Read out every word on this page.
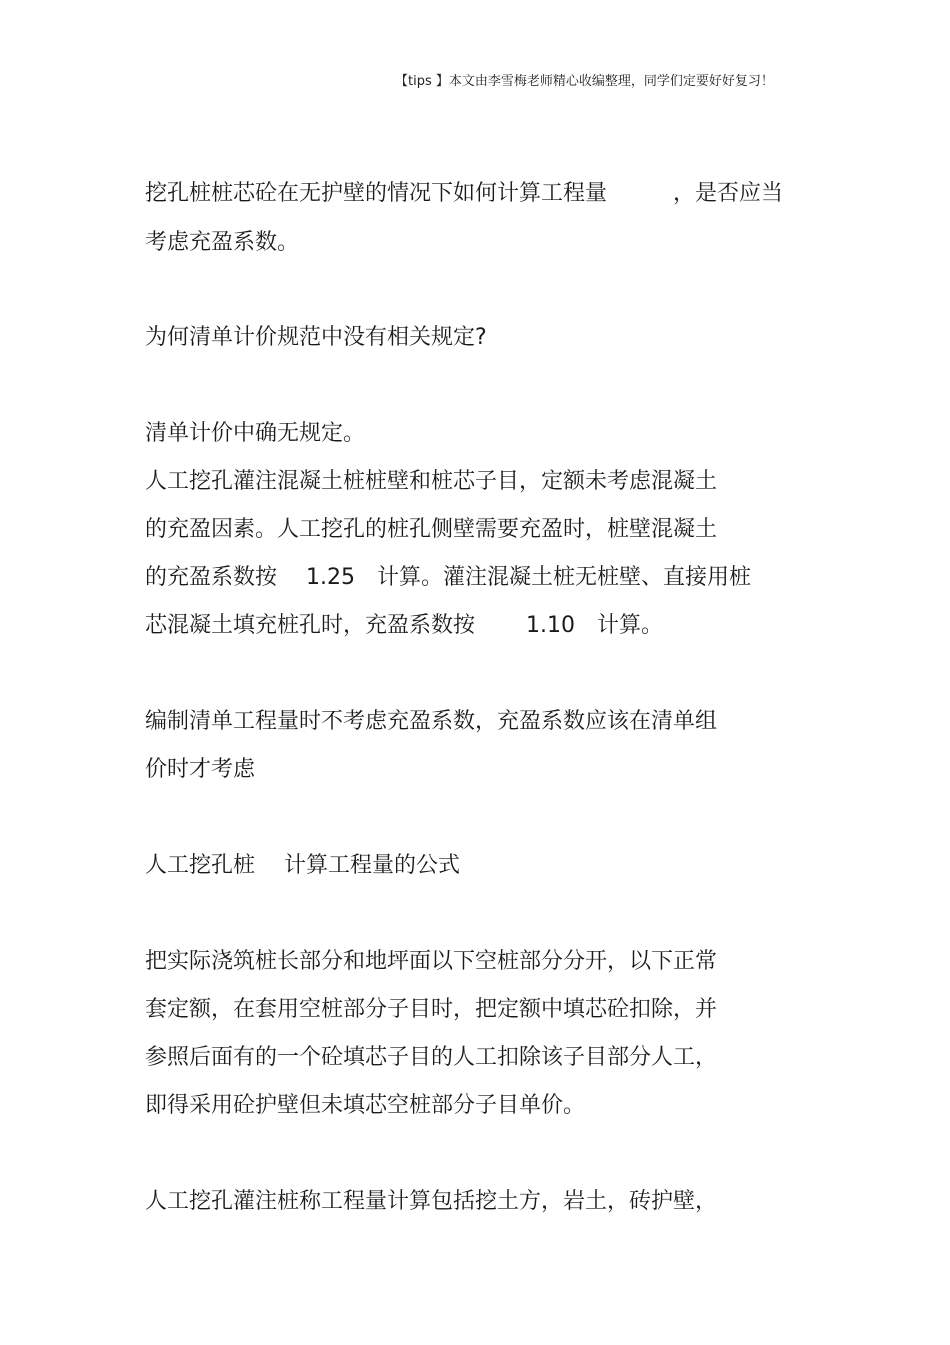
【tips 】本文由李雪梅老师精心收编整理，同学们定要好好复习！
挖孔桩桩芯砼在无护壁的情况下如何计算工程量　　　，是否应当
考虑充盈系数。
为何清单计价规范中没有相关规定?
清单计价中确无规定。
人工挖孔灌注混凝土桩桩壁和桩芯子目，定额未考虑混凝土
的充盈因素。人工挖孔的桩孔侧壁需要充盈时，桩壁混凝土
的充盈系数按　 1.25　计算。灌注混凝土桩无桩壁、直接用桩
芯混凝土填充桩孔时，充盈系数按　　 1.10　计算。
编制清单工程量时不考虑充盈系数，充盈系数应该在清单组
价时才考虑
人工挖孔桩　 计算工程量的公式
把实际浇筑桩长部分和地坪面以下空桩部分分开，以下正常
套定额，在套用空桩部分子目时，把定额中填芯砼扣除，并
参照后面有的一个砼填芯子目的人工扣除该子目部分人工，
即得采用砼护壁但未填芯空桩部分子目单价。
人工挖孔灌注桩称工程量计算包括挖土方，岩土，砖护壁，
